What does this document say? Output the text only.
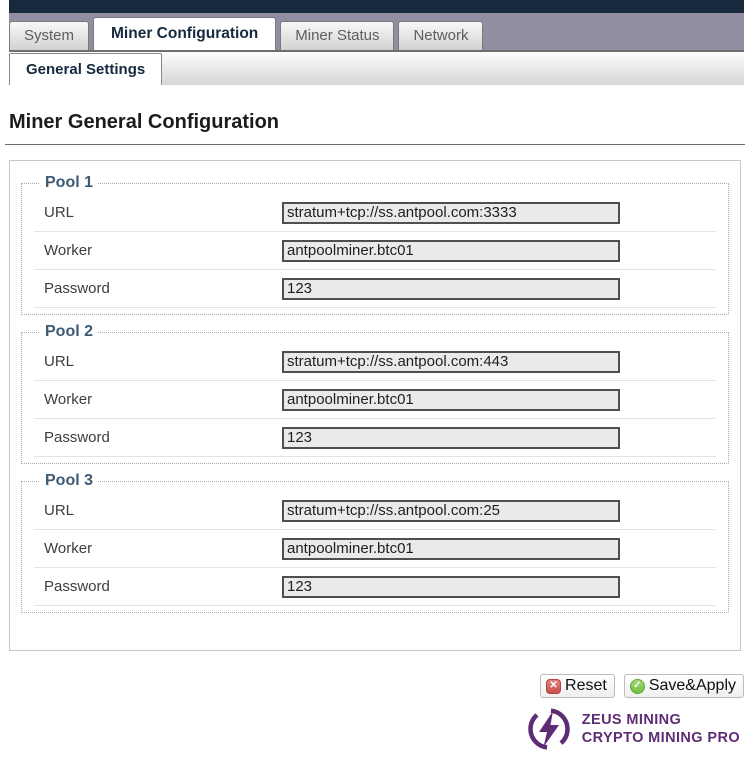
System	Miner Configuration	Miner Status	Network
General Settings
Miner General Configuration
Pool 1
URL
stratum+tcp://ss.antpool.com:3333
Worker
antpoolminer.btc01
Password
123
Pool 2
URL
stratum+tcp://ss.antpool.com:443
Worker
antpoolminer.btc01
Password
123
Pool 3
URL
stratum+tcp://ss.antpool.com:25
Worker
antpoolminer.btc01
Password
123
✕ Reset	✓ Save&Apply
ZEUS MINING
CRYPTO MINING PRO
